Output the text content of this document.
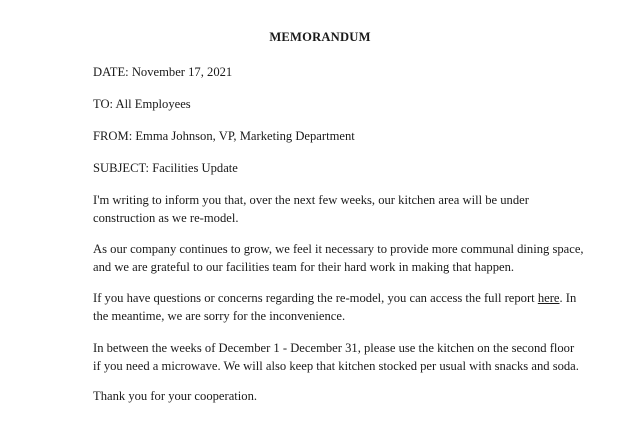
MEMORANDUM
DATE: November 17, 2021
TO: All Employees
FROM: Emma Johnson, VP, Marketing Department
SUBJECT: Facilities Update
I'm writing to inform you that, over the next few weeks, our kitchen area will be under
construction as we re-model.
As our company continues to grow, we feel it necessary to provide more communal dining space,
and we are grateful to our facilities team for their hard work in making that happen.
If you have questions or concerns regarding the re-model, you can access the full report here. In
the meantime, we are sorry for the inconvenience.
In between the weeks of December 1 - December 31, please use the kitchen on the second floor
if you need a microwave. We will also keep that kitchen stocked per usual with snacks and soda.
Thank you for your cooperation.
